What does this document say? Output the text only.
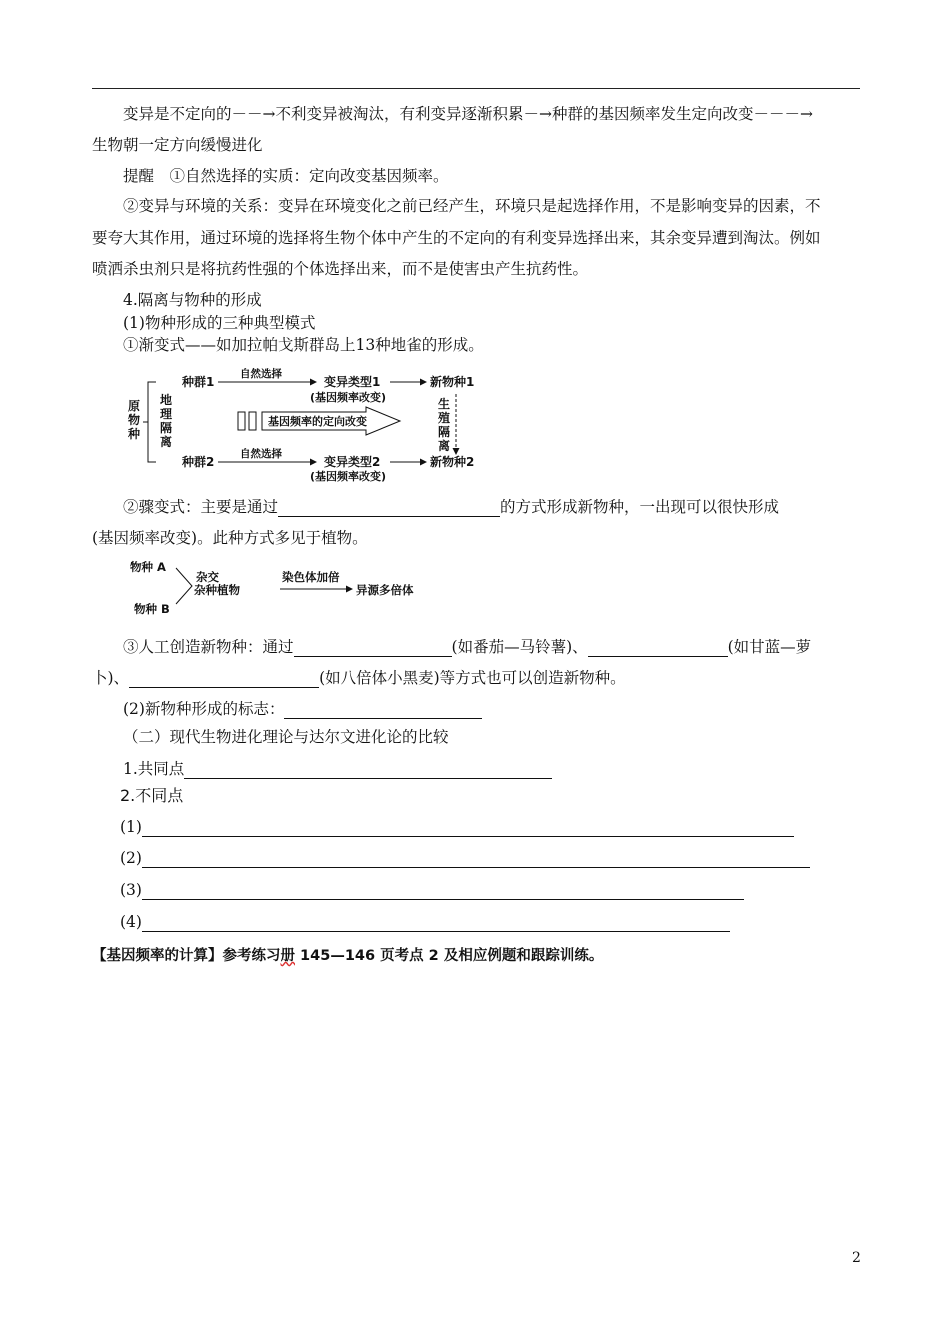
变异是不定向的－－→不利变异被淘汰，有利变异逐渐积累－→种群的基因频率发生定向改变－－－→
生物朝一定方向缓慢进化
提醒　①自然选择的实质：定向改变基因频率。
②变异与环境的关系：变异在环境变化之前已经产生，环境只是起选择作用，不是影响变异的因素，不
要夸大其作用，通过环境的选择将生物个体中产生的不定向的有利变异选择出来，其余变异遭到淘汰。例如
喷洒杀虫剂只是将抗药性强的个体选择出来，而不是使害虫产生抗药性。
4.隔离与物种的形成
(1)物种形成的三种典型模式
①渐变式——如加拉帕戈斯群岛上13种地雀的形成。
原
物
种
地
理
隔
离
种群1
自然选择
变异类型1
(基因频率改变)
新物种1
基因频率的定向改变
生
殖
隔
离
种群2
自然选择
变异类型2
(基因频率改变)
新物种2
②骤变式：主要是通过	的方式形成新物种，一出现可以很快形成
(基因频率改变)。此种方式多见于植物。
物种 A
物种 B
杂交
杂种植物
染色体加倍
异源多倍体
③人工创造新物种：通过	(如番茄—马铃薯)、	(如甘蓝—萝
卜)、	(如八倍体小黑麦)等方式也可以创造新物种。
(2)新物种形成的标志：
（二）现代生物进化理论与达尔文进化论的比较
1.共同点
2.不同点
(1)
(2)
(3)
(4)
【基因频率的计算】参考练习册 145—146 页考点 2 及相应例题和跟踪训练。
2
